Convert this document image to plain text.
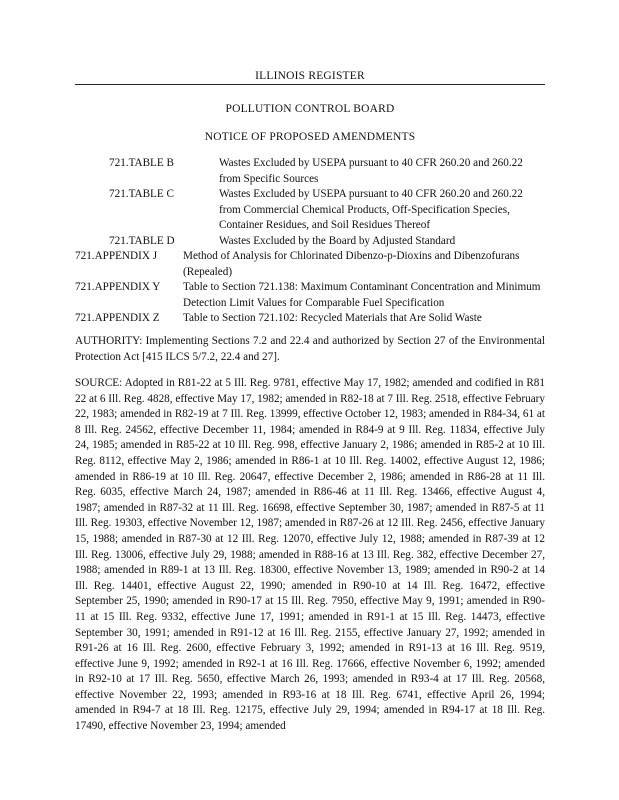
ILLINOIS REGISTER
POLLUTION CONTROL BOARD
NOTICE OF PROPOSED AMENDMENTS
721.TABLE B	Wastes Excluded by USEPA pursuant to 40 CFR 260.20 and 260.22 from Specific Sources
721.TABLE C	Wastes Excluded by USEPA pursuant to 40 CFR 260.20 and 260.22 from Commercial Chemical Products, Off-Specification Species, Container Residues, and Soil Residues Thereof
721.TABLE D	Wastes Excluded by the Board by Adjusted Standard
721.APPENDIX J	Method of Analysis for Chlorinated Dibenzo-p-Dioxins and Dibenzofurans (Repealed)
721.APPENDIX Y	Table to Section 721.138: Maximum Contaminant Concentration and Minimum Detection Limit Values for Comparable Fuel Specification
721.APPENDIX Z	Table to Section 721.102: Recycled Materials that Are Solid Waste
AUTHORITY: Implementing Sections 7.2 and 22.4 and authorized by Section 27 of the Environmental Protection Act [415 ILCS 5/7.2, 22.4 and 27].
SOURCE: Adopted in R81-22 at 5 Ill. Reg. 9781, effective May 17, 1982; amended and codified in R81 22 at 6 Ill. Reg. 4828, effective May 17, 1982; amended in R82-18 at 7 Ill. Reg. 2518, effective February 22, 1983; amended in R82-19 at 7 Ill. Reg. 13999, effective October 12, 1983; amended in R84-34, 61 at 8 Ill. Reg. 24562, effective December 11, 1984; amended in R84-9 at 9 Ill. Reg. 11834, effective July 24, 1985; amended in R85-22 at 10 Ill. Reg. 998, effective January 2, 1986; amended in R85-2 at 10 Ill. Reg. 8112, effective May 2, 1986; amended in R86-1 at 10 Ill. Reg. 14002, effective August 12, 1986; amended in R86-19 at 10 Ill. Reg. 20647, effective December 2, 1986; amended in R86-28 at 11 Ill. Reg. 6035, effective March 24, 1987; amended in R86-46 at 11 Ill. Reg. 13466, effective August 4, 1987; amended in R87-32 at 11 Ill. Reg. 16698, effective September 30, 1987; amended in R87-5 at 11 Ill. Reg. 19303, effective November 12, 1987; amended in R87-26 at 12 Ill. Reg. 2456, effective January 15, 1988; amended in R87-30 at 12 Ill. Reg. 12070, effective July 12, 1988; amended in R87-39 at 12 Ill. Reg. 13006, effective July 29, 1988; amended in R88-16 at 13 Ill. Reg. 382, effective December 27, 1988; amended in R89-1 at 13 Ill. Reg. 18300, effective November 13, 1989; amended in R90-2 at 14 Ill. Reg. 14401, effective August 22, 1990; amended in R90-10 at 14 Ill. Reg. 16472, effective September 25, 1990; amended in R90-17 at 15 Ill. Reg. 7950, effective May 9, 1991; amended in R90-11 at 15 Ill. Reg. 9332, effective June 17, 1991; amended in R91-1 at 15 Ill. Reg. 14473, effective September 30, 1991; amended in R91-12 at 16 Ill. Reg. 2155, effective January 27, 1992; amended in R91-26 at 16 Ill. Reg. 2600, effective February 3, 1992; amended in R91-13 at 16 Ill. Reg. 9519, effective June 9, 1992; amended in R92-1 at 16 Ill. Reg. 17666, effective November 6, 1992; amended in R92-10 at 17 Ill. Reg. 5650, effective March 26, 1993; amended in R93-4 at 17 Ill. Reg. 20568, effective November 22, 1993; amended in R93-16 at 18 Ill. Reg. 6741, effective April 26, 1994; amended in R94-7 at 18 Ill. Reg. 12175, effective July 29, 1994; amended in R94-17 at 18 Ill. Reg. 17490, effective November 23, 1994; amended
